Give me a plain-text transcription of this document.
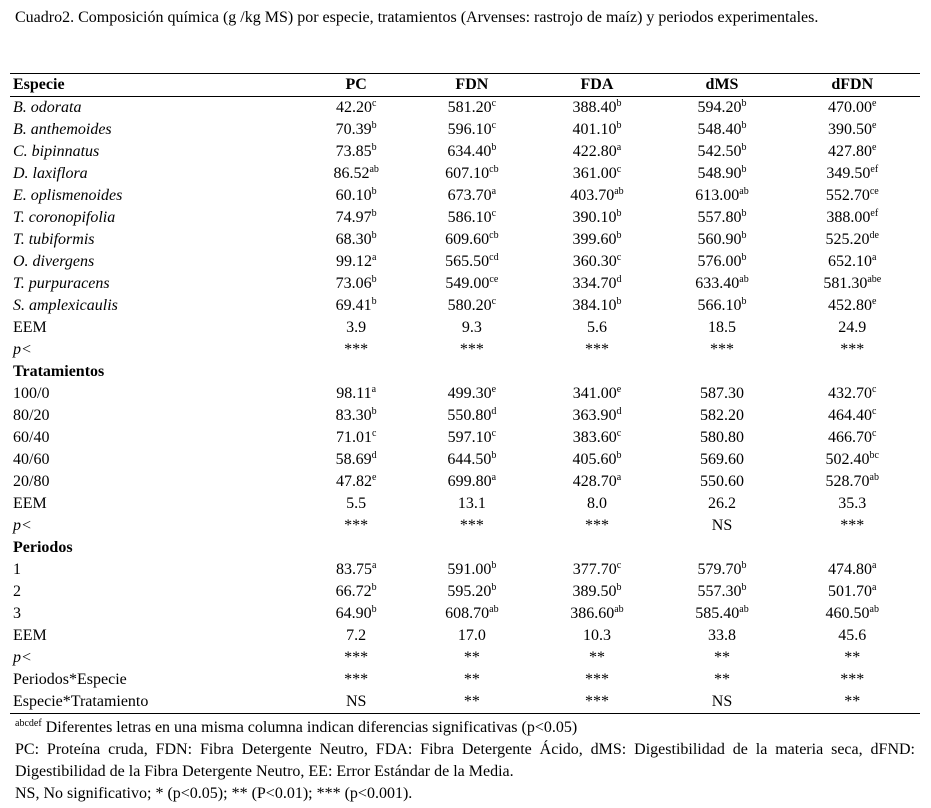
Cuadro2. Composición química (g /kg MS) por especie, tratamientos (Arvenses: rastrojo de maíz) y periodos experimentales.
Especie	PC	FDN	FDA	dMS	dFDN
B. odorata	42.20$^c$	581.20$^c$	388.40$^b$	594.20$^b$	470.00e
B. anthemoides	70.39$^b$	596.10$^c$	401.10$^b$	548.40$^b$	390.50e
C. bipinnatus	73.85$^b$	634.40$^b$	422.80$^a$	542.50$^b$	427.80e
D. laxiflora	86.52$^{ab}$	607.10$^{cb}$	361.00$^c$	548.90$^b$	349.50$^{ef}$
E. oplismenoides	60.10$^b$	673.70$^a$	403.70$^{ab}$	613.00$^{ab}$	552.70$^{ce}$
T. coronopifolia	74.97$^b$	586.10$^c$	390.10$^b$	557.80$^b$	388.00$^{ef}$
T. tubiformis	68.30$^b$	609.60$^{cb}$	399.60$^b$	560.90$^b$	525.20de
O. divergens	99.12$^a$	565.50$^{cd}$	360.30$^c$	576.00$^b$	652.10$^a$
T. purpuracens	73.06$^b$	549.00$^{ce}$	334.70$^d$	633.40$^{ab}$	581.30$^{abe}$
S. amplexicaulis	69.41$^b$	580.20$^c$	384.10$^b$	566.10$^b$	452.80e
EEM	3.9	9.3	5.6	18.5	24.9
p<	***	***	***	***	***
Tratamientos					
100/0	98.11$^a$	499.30e	341.00e	587.30	432.70$^c$
80/20	83.30$^b$	550.80$^d$	363.90$^d$	582.20	464.40$^c$
60/40	71.01$^c$	597.10$^c$	383.60$^c$	580.80	466.70$^c$
40/60	58.69$^d$	644.50$^b$	405.60$^b$	569.60	502.40$^{bc}$
20/80	47.82e	699.80$^a$	428.70$^a$	550.60	528.70$^{ab}$
EEM	5.5	13.1	8.0	26.2	35.3
p<	***	***	***	NS	***
Periodos					
1	83.75$^a$	591.00$^b$	377.70$^c$	579.70$^b$	474.80$^a$
2	66.72$^b$	595.20$^b$	389.50$^b$	557.30$^b$	501.70$^a$
3	64.90$^b$	608.70$^{ab}$	386.60$^{ab}$	585.40$^{ab}$	460.50$^{ab}$
EEM	7.2	17.0	10.3	33.8	45.6
p<	***	**	**	**	**
Periodos*Especie	***	**	***	**	***
Especie*Tratamiento	NS	**	***	NS	**
$^{abcdef}$ Diferentes letras en una misma columna indican diferencias significativas (p<0.05)
PC: Proteína cruda, FDN: Fibra Detergente Neutro, FDA: Fibra Detergente Ácido, dMS: Digestibilidad de la materia seca, dFND: Digestibilidad de la Fibra Detergente Neutro, EE: Error Estándar de la Media.
NS, No significativo; * (p<0.05); ** (P<0.01); *** (p<0.001).
